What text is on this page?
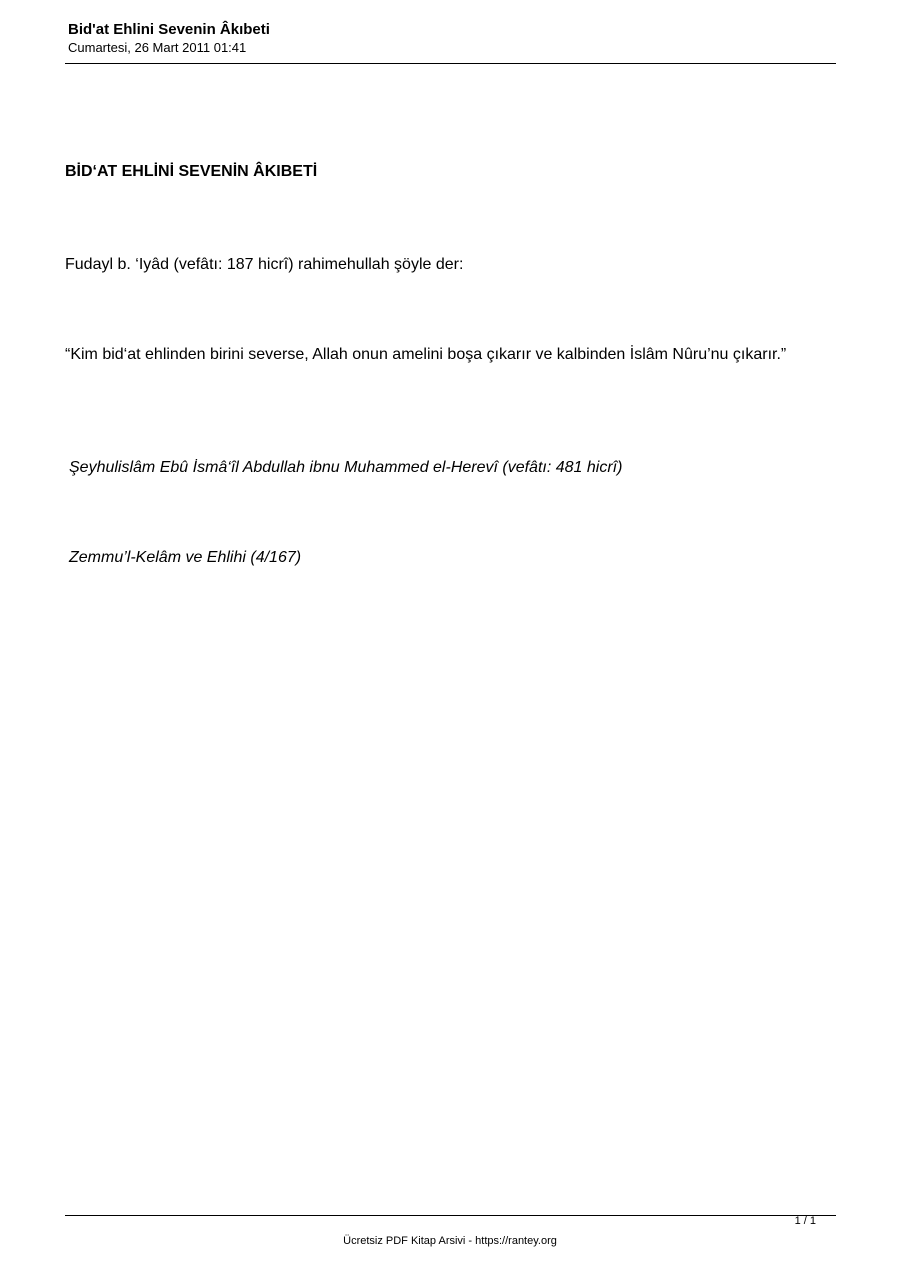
Bid'at Ehlini Sevenin Âkıbeti
Cumartesi, 26 Mart 2011 01:41
BİD‘AT EHLİNİ SEVENİN ÂKIBETİ
Fudayl b. ‘Iyâd (vefâtı: 187 hicrî) rahimehullah şöyle der:
“Kim bid‘at ehlinden birini severse, Allah onun amelini boşa çıkarır ve kalbinden İslâm Nûru’nu çıkarır.”
Şeyhulislâm Ebû İsmâ‘îl Abdullah ibnu Muhammed el-Herevî (vefâtı: 481 hicrî)
Zemmu’l-Kelâm ve Ehlihi (4/167)
1 / 1
Ücretsiz PDF Kitap Arsivi - https://rantey.org
